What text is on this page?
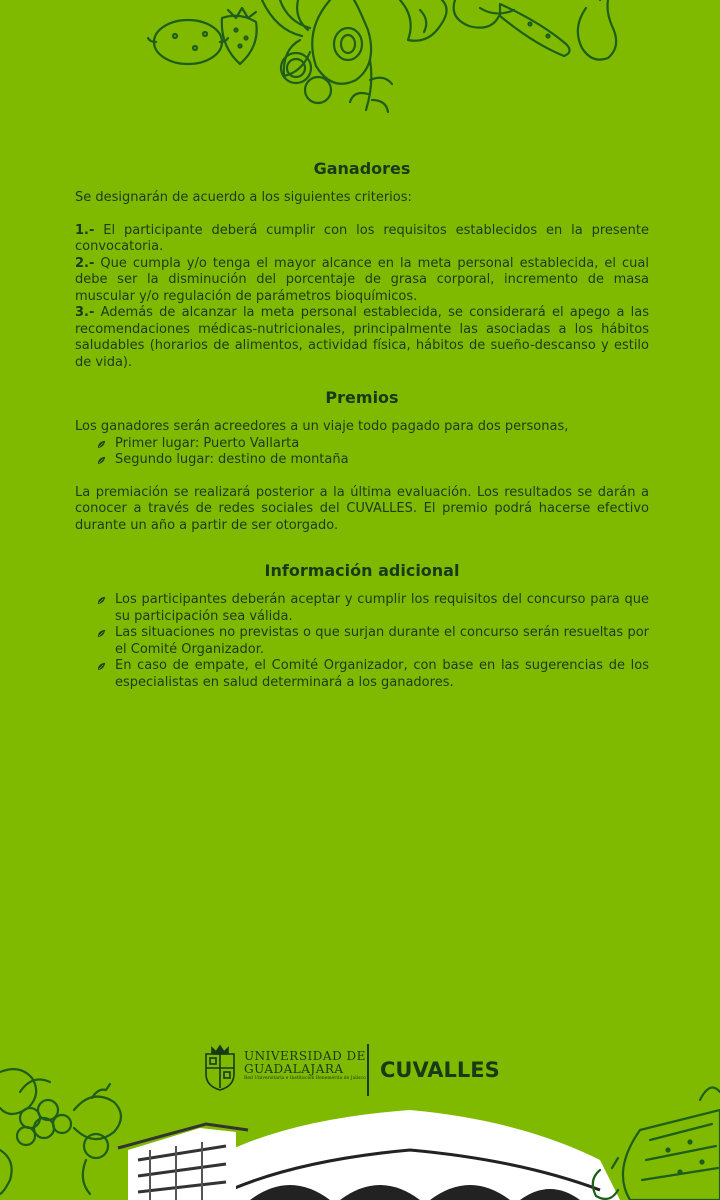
Ganadores

Se designarán de acuerdo a los siguientes criterios:

1.- El participante deberá cumplir con los requisitos establecidos en la presente convocatoria.

2.- Que cumpla y/o tenga el mayor alcance en la meta personal establecida, el cual debe ser la disminución del porcentaje de grasa corporal, incremento de masa muscular y/o regulación de parámetros bioquímicos.

3.- Además de alcanzar la meta personal establecida, se considerará el apego a las recomendaciones médicas-nutricionales, principalmente las asociadas a los hábitos saludables (horarios de alimentos, actividad física, hábitos de sueño-descanso y estilo de vida).

Premios

Los ganadores serán acreedores a un viaje todo pagado para dos personas,

Primer lugar: Puerto Vallarta
Segundo lugar: destino de montaña

La premiación se realizará posterior a la última evaluación. Los resultados se darán a conocer a través de redes sociales del CUVALLES. El premio podrá hacerse efectivo durante un año a partir de ser otorgado.

Información adicional
Los participantes deberán aceptar y cumplir los requisitos del concurso para que su participación sea válida.
Las situaciones no previstas o que surjan durante el concurso serán resueltas por el Comité Organizador.
En caso de empate, el Comité Organizador, con base en las sugerencias de los especialistas en salud determinará a los ganadores.
UNIVERSIDAD DE
GUADALAJARA
Red Universitaria e Institución Benemérita de Jalisco CUVALLES
